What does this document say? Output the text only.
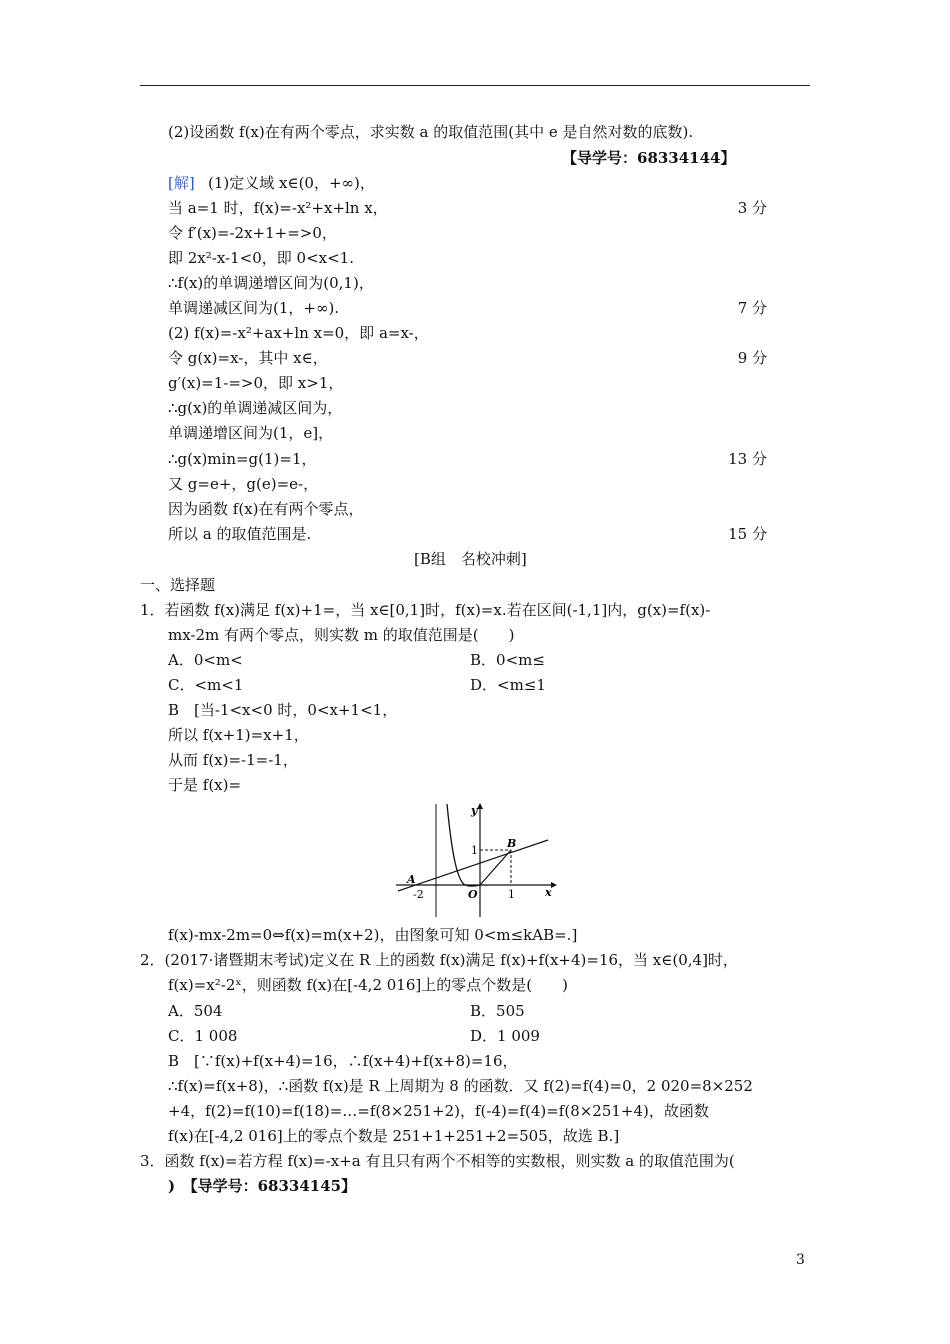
(2)设函数 f(x)在有两个零点，求实数 a 的取值范围(其中 e 是自然对数的底数).
【导学号：68334144】
[解] (1)定义域 x∈(0，+∞)，
当 a=1 时，f(x)=-x²+x+ln x，	3 分
令 f′(x)=-2x+1+=>0，
即 2x²-x-1<0，即 0<x<1.
∴f(x)的单调递增区间为(0,1)，
单调递减区间为(1，+∞).	7 分
(2) f(x)=-x²+ax+ln x=0，即 a=x-，
令 g(x)=x-，其中 x∈，	9 分
g′(x)=1-=>0，即 x>1，
∴g(x)的单调递减区间为，
单调递增区间为(1，e]，
∴g(x)min=g(1)=1，	13 分
又 g=e+，g(e)=e-，
因为函数 f(x)在有两个零点，
所以 a 的取值范围是.	15 分
[B组　名校冲刺]
一、选择题
1．若函数 f(x)满足 f(x)+1=，当 x∈[0,1]时，f(x)=x.若在区间(-1,1]内，g(x)=f(x)-
mx-2m 有两个零点，则实数 m 的取值范围是(　　)
A．0<m<	B．0<m≤
C．<m<1	D．<m≤1
B　[当-1<x<0 时，0<x+1<1，
所以 f(x+1)=x+1，
从而 f(x)=-1=-1，
于是 f(x)=
y
x
B
A
1
-2	O	1
f(x)-mx-2m=0⇔f(x)=m(x+2)，由图象可知 0<m≤kAB=.]
2．(2017·诸暨期末考试)定义在 R 上的函数 f(x)满足 f(x)+f(x+4)=16，当 x∈(0,4]时，
f(x)=x²-2ˣ，则函数 f(x)在[-4,2 016]上的零点个数是(　　)
A．504	B．505
C．1 008	D．1 009
B　[∵f(x)+f(x+4)=16，∴f(x+4)+f(x+8)=16，
∴f(x)=f(x+8)，∴函数 f(x)是 R 上周期为 8 的函数．又 f(2)=f(4)=0，2 020=8×252
+4，f(2)=f(10)=f(18)=…=f(8×251+2)，f(-4)=f(4)=f(8×251+4)，故函数
f(x)在[-4,2 016]上的零点个数是 251+1+251+2=505，故选 B.]
3．函数 f(x)=若方程 f(x)=-x+a 有且只有两个不相等的实数根，则实数 a 的取值范围为(
)　【导学号：68334145】
3
